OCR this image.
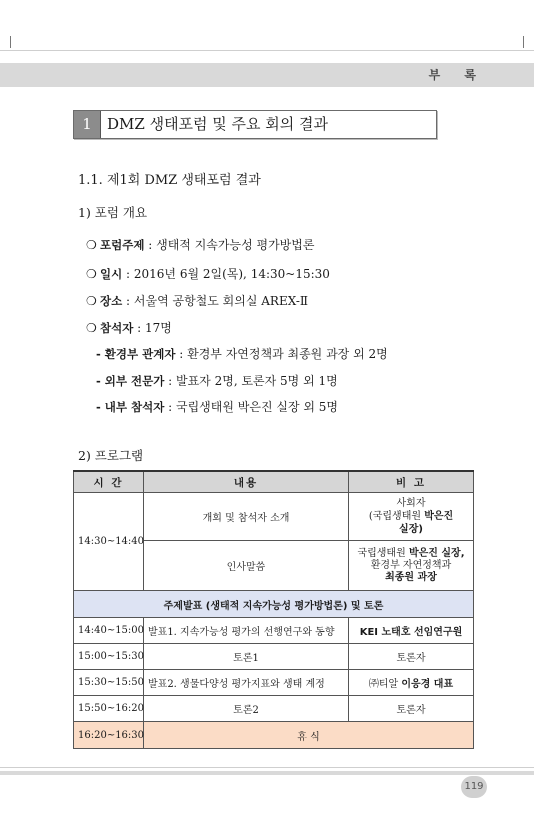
부 록
1	DMZ 생태포럼 및 주요 회의 결과
1.1. 제1회 DMZ 생태포럼 결과
1) 포럼 개요
❍ 포럼주제 : 생태적 지속가능성 평가방법론
❍ 일시 : 2016년 6월 2일(목), 14:30~15:30
❍ 장소 : 서울역 공항철도 회의실 AREX-Ⅱ
❍ 참석자 : 17명
- 환경부 관계자 : 환경부 자연정책과 최종원 과장 외 2명
- 외부 전문가 : 발표자 2명, 토론자 5명 외 1명
- 내부 참석자 : 국립생태원 박은진 실장 외 5명
2) 프로그램
시 간	내용	비 고
14:30~14:40	개회 및 참석자 소개	사회자
(국립생태원 박은진
실장)
	인사말씀	국립생태원 박은진 실장,
환경부 자연정책과
최종원 과장
주제발표 (생태적 지속가능성 평가방법론) 및 토론		
14:40~15:00	발표1. 지속가능성 평가의 선행연구와 동향	KEI 노태호 선임연구원
15:00~15:30	토론1	토론자
15:30~15:50	발표2. 생물다양성 평가지표와 생태 계정	㈜티알 이응경 대표
15:50~16:20	토론2	토론자
16:20~16:30	휴 식	
119
